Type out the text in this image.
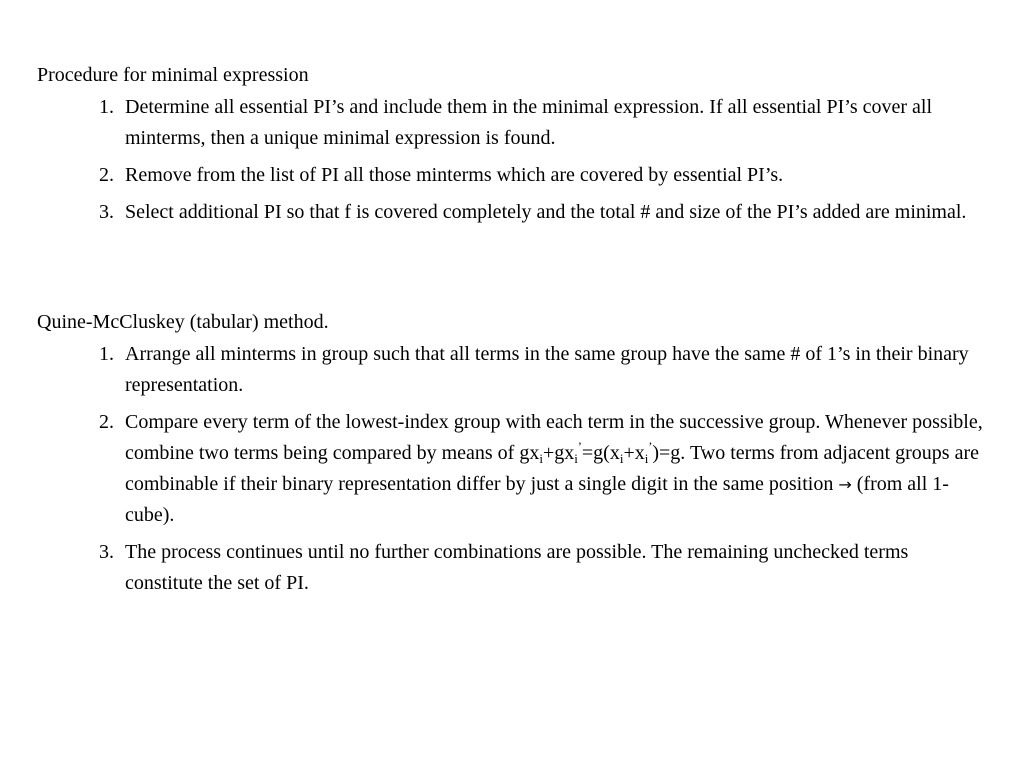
Procedure for minimal expression
1. Determine all essential PI’s and include them in the minimal expression. If all essential PI’s cover all minterms, then a unique minimal expression is found.
2. Remove from the list of PI all those minterms which are covered by essential PI’s.
3. Select additional PI so that f is covered completely and the total # and size of the PI’s added are minimal.
Quine-McCluskey (tabular) method.
1. Arrange all minterms in group such that all terms in the same group have the same # of 1’s in their binary representation.
2. Compare every term of the lowest-index group with each term in the successive group. Whenever possible, combine two terms being compared by means of $gx_i+gx_i^’=g(x_i+x_i^’)=g$. Two terms from adjacent groups are combinable if their binary representation differ by just a single digit in the same position → (from all 1-cube).
3. The process continues until no further combinations are possible. The remaining unchecked terms constitute the set of PI.
